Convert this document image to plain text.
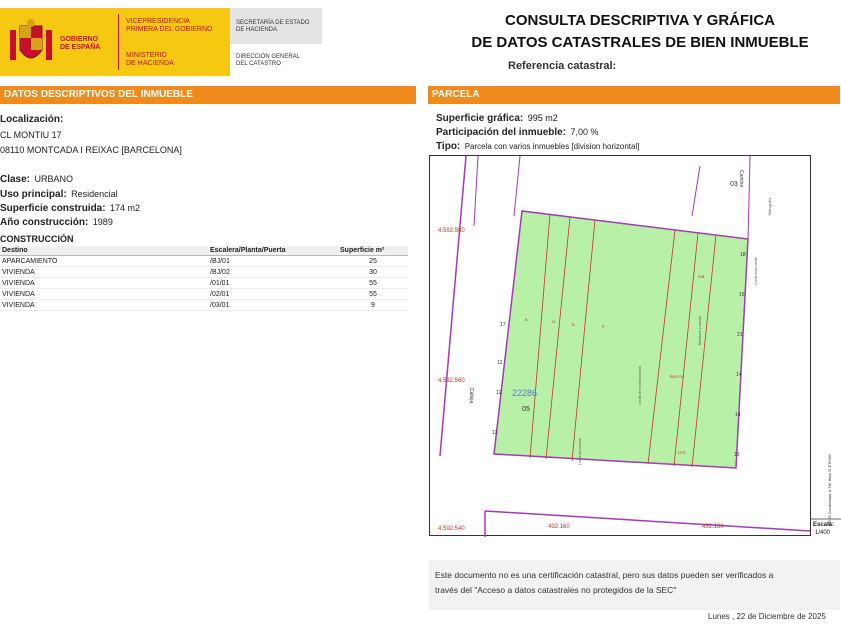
GOBIERNO
DE ESPAÑA
VICEPRESIDENCIA
PRIMERA DEL GOBIERNO
MINISTERIO
DE HACIENDA
SECRETARÍA DE ESTADO
DE HACIENDA
DIRECCIÓN GENERAL
DEL CATASTRO
CONSULTA DESCRIPTIVA Y GRÁFICA
DE DATOS CATASTRALES DE BIEN INMUEBLE
Referencia catastral:
DATOS DESCRIPTIVOS DEL INMUEBLE	PARCELA
Localización:
CL MONTIU 17
08110 MONTCADA I REIXAC [BARCELONA]
Clase: URBANO
Uso principal: Residencial
Superficie construida: 174 m2
Año construcción: 1989
CONSTRUCCIÓN
Destino	Escalera/Planta/Puerta	Superficie m²
APARCAMIENTO	/BJ/01	25
VIVIENDA	/BJ/02	30
VIVIENDA	/01/01	55
VIVIENDA	/02/01	55
VIVIENDA	/03/01	9
Superficie gráfica: 995 m2
Participación del inmueble: 7,00 %
Tipo: Parcela con varios inmuebles [division horizontal]
4.592.580
4.592.560
4.592.540	432.160	432.180
22286
05
03 Camino
Calleja
18
16
17
12
12
21
13
14
14
15
B	IV
B	P
BUPCH
A/B
LPS
Hidrografía
Límite zona verde
Mobiliario y aceras
Límite de construcciones
Límite de parcela
ED 50 Coordenadas U.T.M. Huso 31 ETRS89
Escala:
1/400
Este documento no es una certificación catastral, pero sus datos pueden ser verificados a
través del "Acceso a datos catastrales no protegidos de la SEC"
Lunes , 22 de Diciembre de 2025
